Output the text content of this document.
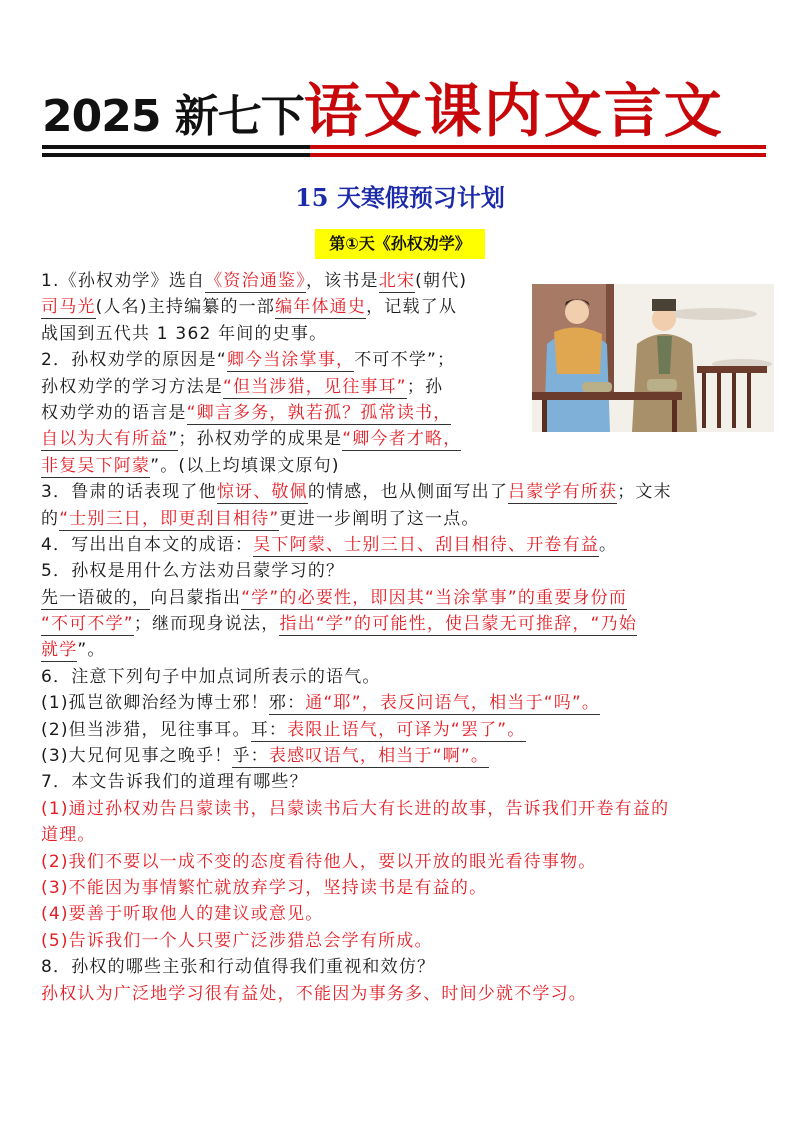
2025 新七下语文课内文言文
15 天寒假预习计划
第①天《孙权劝学》
1.《孙权劝学》选自《资治通鉴》，该书是北宋(朝代)
司马光(人名)主持编纂的一部编年体通史，记载了从
战国到五代共 1 362 年间的史事。
2．孙权劝学的原因是“卿今当涂掌事，不可不学”；
孙权劝学的学习方法是“但当涉猎，见往事耳”；孙
权劝学劝的语言是“卿言多务，孰若孤？孤常读书，
自以为大有所益”；孙权劝学的成果是“卿今者才略，
非复吴下阿蒙”。(以上均填课文原句)
3．鲁肃的话表现了他惊讶、敬佩的情感，也从侧面写出了吕蒙学有所获；文末
的“士别三日，即更刮目相待”更进一步阐明了这一点。
4．写出出自本文的成语：吴下阿蒙、士别三日、刮目相待、开卷有益。
5．孙权是用什么方法劝吕蒙学习的？
先一语破的，向吕蒙指出“学”的必要性，即因其“当涂掌事”的重要身份而
“不可不学”；继而现身说法，指出“学”的可能性，使吕蒙无可推辞，“乃始
就学”。
6．注意下列句子中加点词所表示的语气。
(1)孤岂欲卿治经为博士邪！邪：通“耶”，表反问语气，相当于“吗”。
(2)但当涉猎，见往事耳。耳：表限止语气，可译为“罢了”。
(3)大兄何见事之晚乎！乎：表感叹语气，相当于“啊”。
7．本文告诉我们的道理有哪些？
(1)通过孙权劝告吕蒙读书，吕蒙读书后大有长进的故事，告诉我们开卷有益的
道理。
(2)我们不要以一成不变的态度看待他人，要以开放的眼光看待事物。
(3)不能因为事情繁忙就放弃学习，坚持读书是有益的。
(4)要善于听取他人的建议或意见。
(5)告诉我们一个人只要广泛涉猎总会学有所成。
8．孙权的哪些主张和行动值得我们重视和效仿？
孙权认为广泛地学习很有益处，不能因为事务多、时间少就不学习。
